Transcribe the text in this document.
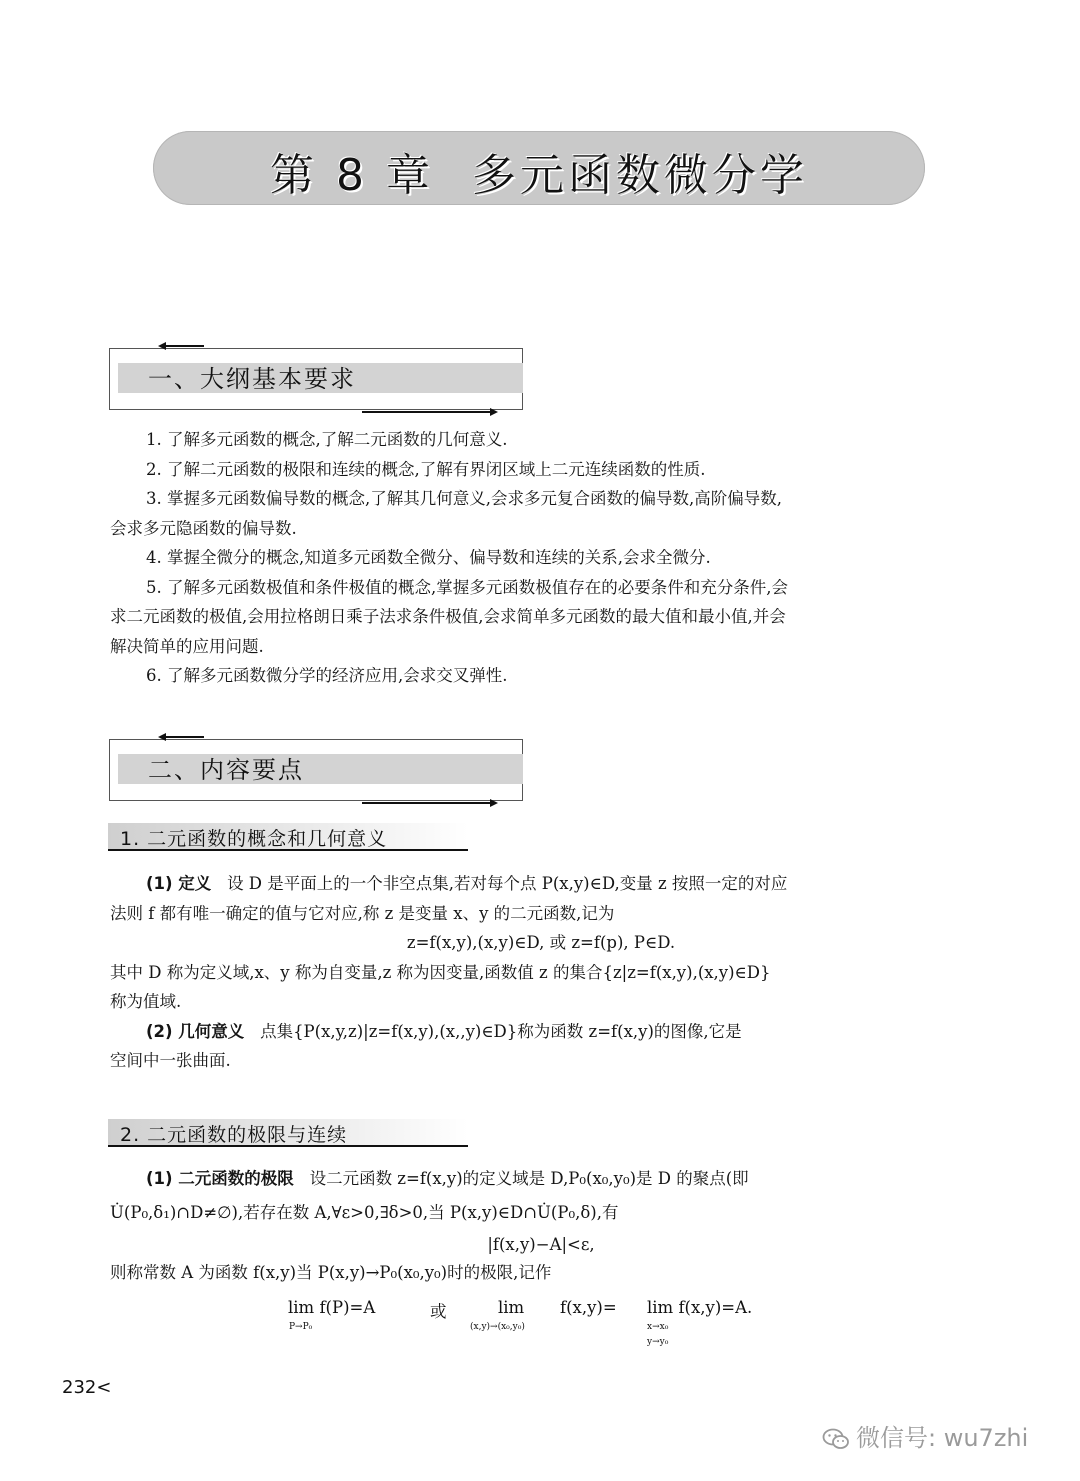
第 8 章 多元函数微分学
一、大纲基本要求
1. 了解多元函数的概念,了解二元函数的几何意义.
2. 了解二元函数的极限和连续的概念,了解有界闭区域上二元连续函数的性质.
3. 掌握多元函数偏导数的概念,了解其几何意义,会求多元复合函数的偏导数,高阶偏导数,
会求多元隐函数的偏导数.
4. 掌握全微分的概念,知道多元函数全微分、偏导数和连续的关系,会求全微分.
5. 了解多元函数极值和条件极值的概念,掌握多元函数极值存在的必要条件和充分条件,会
求二元函数的极值,会用拉格朗日乘子法求条件极值,会求简单多元函数的最大值和最小值,并会
解决简单的应用问题.
6. 了解多元函数微分学的经济应用,会求交叉弹性.
二、内容要点
1. 二元函数的概念和几何意义
(1) 定义 设 D 是平面上的一个非空点集,若对每个点 P(x,y)∈D,变量 z 按照一定的对应
法则 f 都有唯一确定的值与它对应,称 z 是变量 x、y 的二元函数,记为
z=f(x,y),(x,y)∈D, 或 z=f(p), P∈D.
其中 D 称为定义域,x、y 称为自变量,z 称为因变量,函数值 z 的集合{z|z=f(x,y),(x,y)∈D}
称为值域.
(2) 几何意义 点集{P(x,y,z)|z=f(x,y),(x,,y)∈D}称为函数 z=f(x,y)的图像,它是
空间中一张曲面.
2. 二元函数的极限与连续
(1) 二元函数的极限 设二元函数 z=f(x,y)的定义域是 D,P₀(x₀,y₀)是 D 的聚点(即
U̇(P₀,δ₁)∩D≠∅),若存在数 A,∀ε>0,∃δ>0,当 P(x,y)∈D∩U̇(P₀,δ),有
|f(x,y)−A|<ε,
则称常数 A 为函数 f(x,y)当 P(x,y)→P₀(x₀,y₀)时的极限,记作
lim f(P)=A
P→P₀
或	lim
(x,y)→(x₀,y₀)
f(x,y)= lim f(x,y)=A.
x→x₀
y→y₀
232<
微信号: wu7zhi
